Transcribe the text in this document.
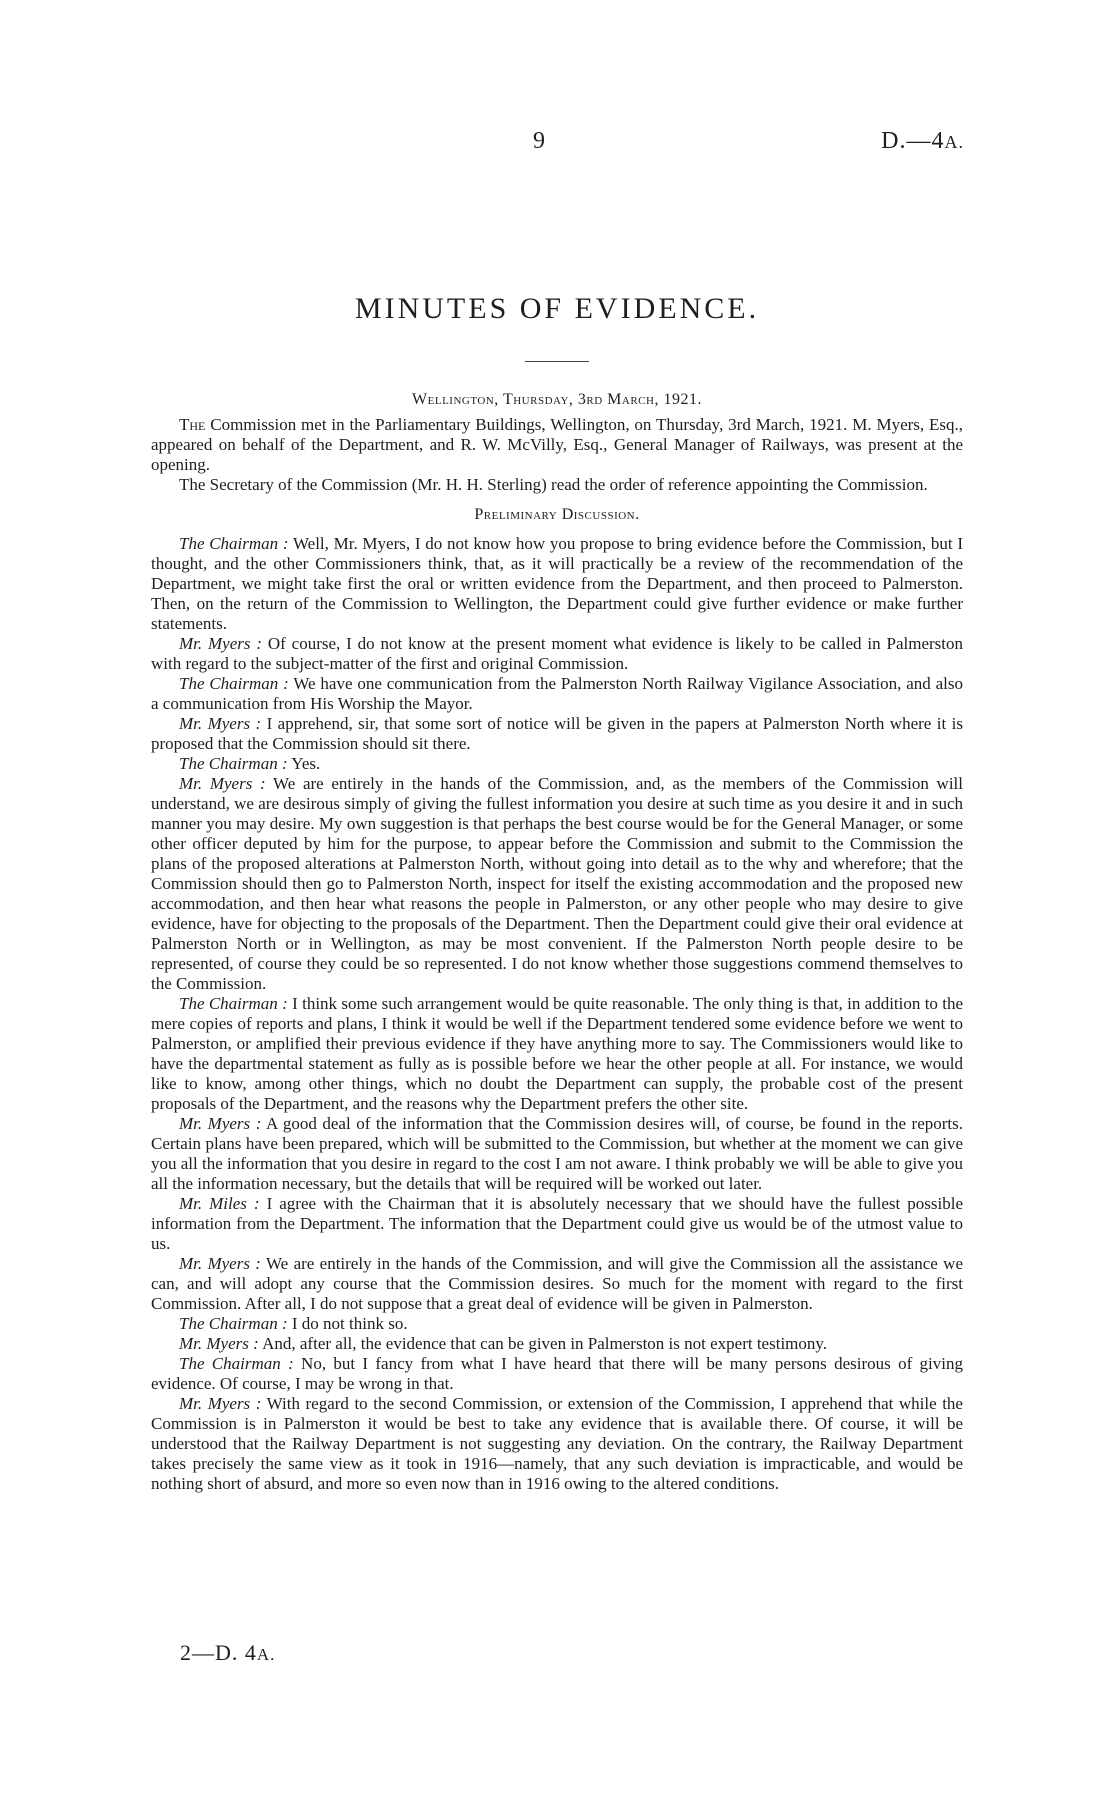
9	D.—4A.
MINUTES OF EVIDENCE.

Wellington, Thursday, 3rd March, 1921.

The Commission met in the Parliamentary Buildings, Wellington, on Thursday, 3rd March, 1921. M. Myers, Esq., appeared on behalf of the Department, and R. W. McVilly, Esq., General Manager of Railways, was present at the opening.

The Secretary of the Commission (Mr. H. H. Sterling) read the order of reference appointing the Commission.

Preliminary Discussion.

The Chairman : Well, Mr. Myers, I do not know how you propose to bring evidence before the Commission, but I thought, and the other Commissioners think, that, as it will practically be a review of the recommendation of the Department, we might take first the oral or written evidence from the Department, and then proceed to Palmerston. Then, on the return of the Commission to Wellington, the Department could give further evidence or make further statements.

Mr. Myers : Of course, I do not know at the present moment what evidence is likely to be called in Palmerston with regard to the subject-matter of the first and original Commission.

The Chairman : We have one communication from the Palmerston North Railway Vigilance Association, and also a communication from His Worship the Mayor.

Mr. Myers : I apprehend, sir, that some sort of notice will be given in the papers at Palmerston North where it is proposed that the Commission should sit there.

The Chairman : Yes.

Mr. Myers : We are entirely in the hands of the Commission, and, as the members of the Commission will understand, we are desirous simply of giving the fullest information you desire at such time as you desire it and in such manner you may desire. My own suggestion is that perhaps the best course would be for the General Manager, or some other officer deputed by him for the purpose, to appear before the Commission and submit to the Commission the plans of the proposed alterations at Palmerston North, without going into detail as to the why and wherefore; that the Commission should then go to Palmerston North, inspect for itself the existing accommodation and the proposed new accommodation, and then hear what reasons the people in Palmerston, or any other people who may desire to give evidence, have for objecting to the proposals of the Department. Then the Department could give their oral evidence at Palmerston North or in Wellington, as may be most convenient. If the Palmerston North people desire to be represented, of course they could be so represented. I do not know whether those suggestions commend themselves to the Commission.

The Chairman : I think some such arrangement would be quite reasonable. The only thing is that, in addition to the mere copies of reports and plans, I think it would be well if the Department tendered some evidence before we went to Palmerston, or amplified their previous evidence if they have anything more to say. The Commissioners would like to have the departmental statement as fully as is possible before we hear the other people at all. For instance, we would like to know, among other things, which no doubt the Department can supply, the probable cost of the present proposals of the Department, and the reasons why the Department prefers the other site.

Mr. Myers : A good deal of the information that the Commission desires will, of course, be found in the reports. Certain plans have been prepared, which will be submitted to the Commission, but whether at the moment we can give you all the information that you desire in regard to the cost I am not aware. I think probably we will be able to give you all the information necessary, but the details that will be required will be worked out later.

Mr. Miles : I agree with the Chairman that it is absolutely necessary that we should have the fullest possible information from the Department. The information that the Department could give us would be of the utmost value to us.

Mr. Myers : We are entirely in the hands of the Commission, and will give the Commission all the assistance we can, and will adopt any course that the Commission desires. So much for the moment with regard to the first Commission. After all, I do not suppose that a great deal of evidence will be given in Palmerston.

The Chairman : I do not think so.

Mr. Myers : And, after all, the evidence that can be given in Palmerston is not expert testimony.

The Chairman : No, but I fancy from what I have heard that there will be many persons desirous of giving evidence. Of course, I may be wrong in that.

Mr. Myers : With regard to the second Commission, or extension of the Commission, I apprehend that while the Commission is in Palmerston it would be best to take any evidence that is available there. Of course, it will be understood that the Railway Department is not suggesting any deviation. On the contrary, the Railway Department takes precisely the same view as it took in 1916—namely, that any such deviation is impracticable, and would be nothing short of absurd, and more so even now than in 1916 owing to the altered conditions.

2—D. 4A.
